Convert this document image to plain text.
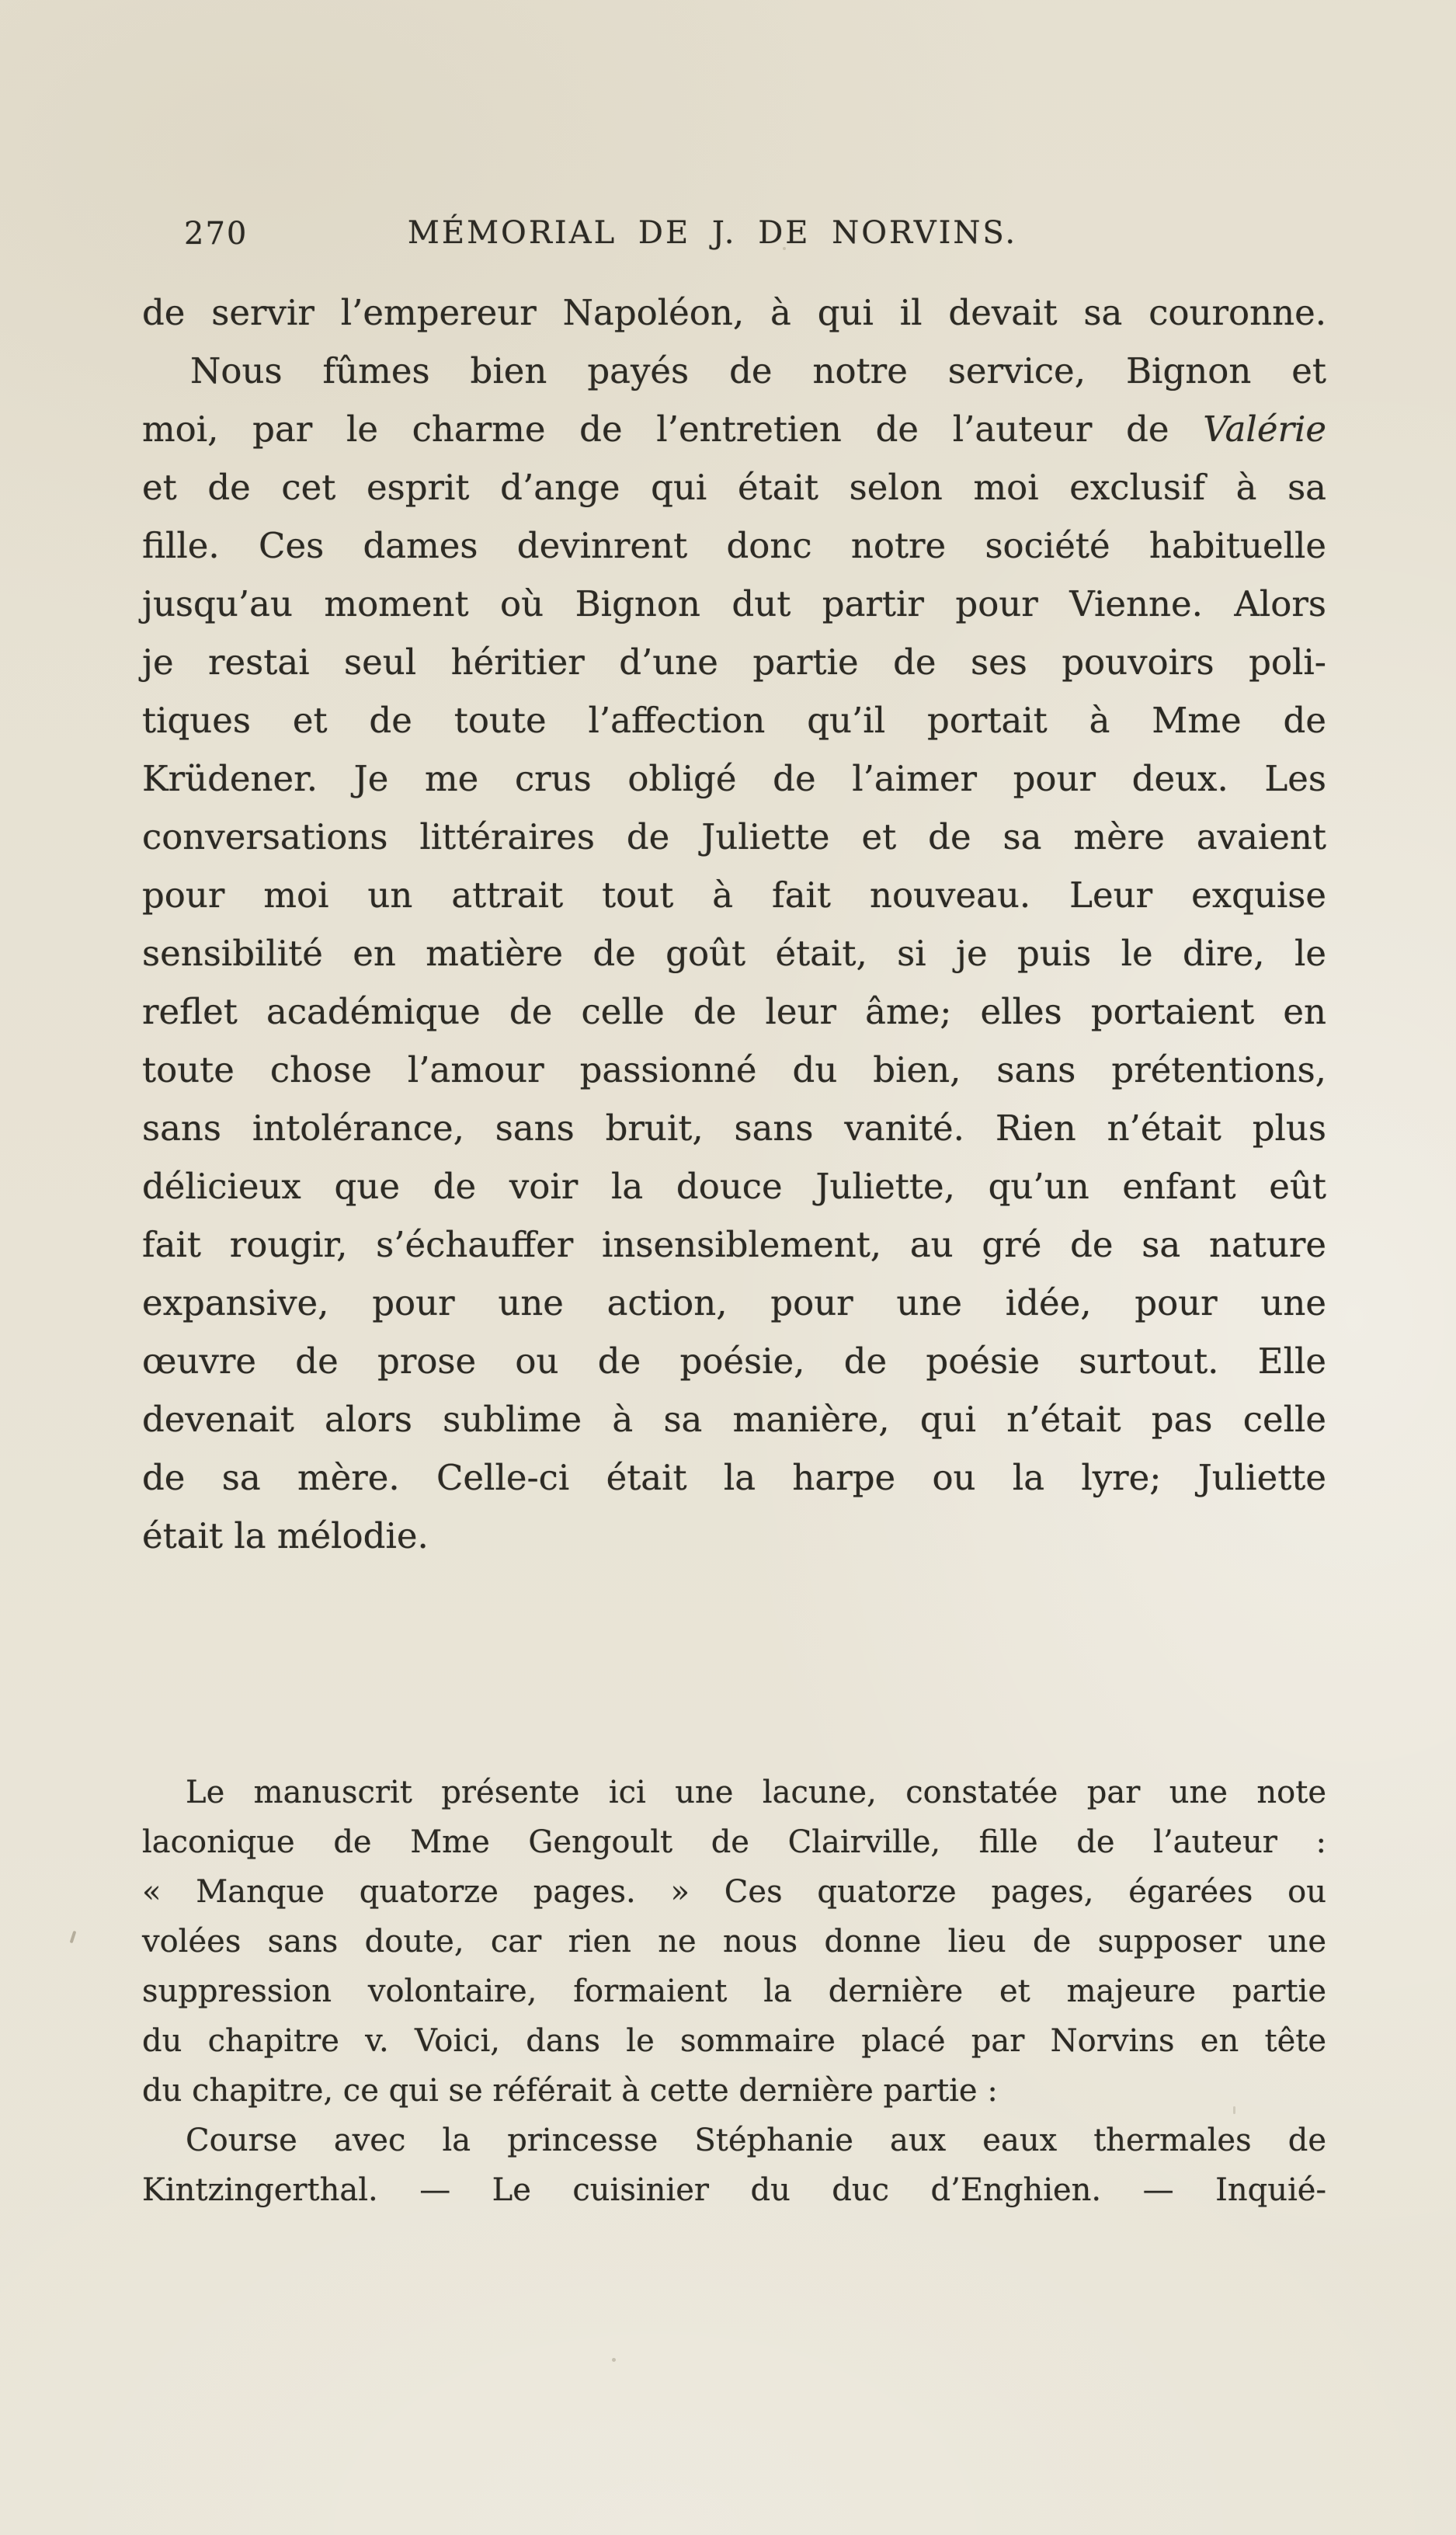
270	MÉMORIAL DE J. DE NORVINS.
de servir l’empereur Napoléon, à qui il devait sa couronne.
Nous fûmes bien payés de notre service, Bignon et
moi, par le charme de l’entretien de l’auteur de Valérie
et de cet esprit d’ange qui était selon moi exclusif à sa
fille. Ces dames devinrent donc notre société habituelle
jusqu’au moment où Bignon dut partir pour Vienne. Alors
je restai seul héritier d’une partie de ses pouvoirs poli-
tiques et de toute l’affection qu’il portait à Mme de
Krüdener. Je me crus obligé de l’aimer pour deux. Les
conversations littéraires de Juliette et de sa mère avaient
pour moi un attrait tout à fait nouveau. Leur exquise
sensibilité en matière de goût était, si je puis le dire, le
reflet académique de celle de leur âme; elles portaient en
toute chose l’amour passionné du bien, sans prétentions,
sans intolérance, sans bruit, sans vanité. Rien n’était plus
délicieux que de voir la douce Juliette, qu’un enfant eût
fait rougir, s’échauffer insensiblement, au gré de sa nature
expansive, pour une action, pour une idée, pour une
œuvre de prose ou de poésie, de poésie surtout. Elle
devenait alors sublime à sa manière, qui n’était pas celle
de sa mère. Celle-ci était la harpe ou la lyre; Juliette
était la mélodie.
Le manuscrit présente ici une lacune, constatée par une note
laconique de Mme Gengoult de Clairville, fille de l’auteur :
« Manque quatorze pages. » Ces quatorze pages, égarées ou
volées sans doute, car rien ne nous donne lieu de supposer une
suppression volontaire, formaient la dernière et majeure partie
du chapitre v. Voici, dans le sommaire placé par Norvins en tête
du chapitre, ce qui se référait à cette dernière partie :
Course avec la princesse Stéphanie aux eaux thermales de
Kintzingerthal. — Le cuisinier du duc d’Enghien. — Inquié-
